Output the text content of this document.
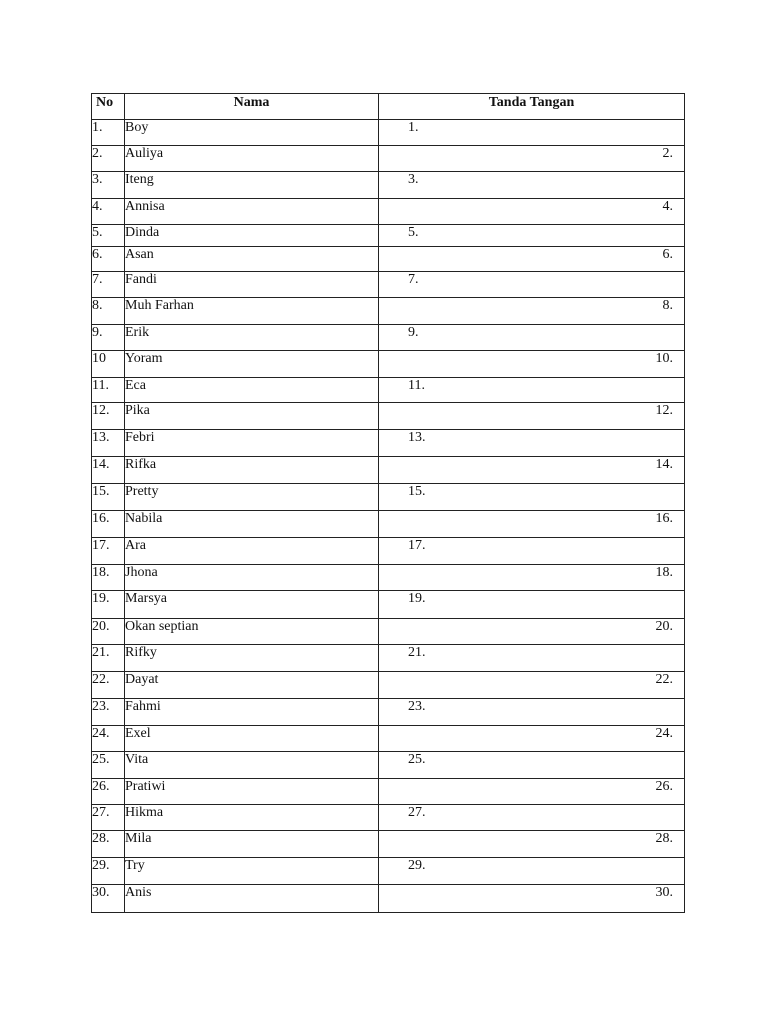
No	Nama	Tanda Tangan
1.	Boy	1.
2.	Auliya	2.
3.	Iteng	3.
4.	Annisa	4.
5.	Dinda	5.
6.	Asan	6.
7.	Fandi	7.
8.	Muh Farhan	8.
9.	Erik	9.
10	Yoram	10.
11.	Eca	11.
12.	Pika	12.
13.	Febri	13.
14.	Rifka	14.
15.	Pretty	15.
16.	Nabila	16.
17.	Ara	17.
18.	Jhona	18.
19.	Marsya	19.
20.	Okan septian	20.
21.	Rifky	21.
22.	Dayat	22.
23.	Fahmi	23.
24.	Exel	24.
25.	Vita	25.
26.	Pratiwi	26.
27.	Hikma	27.
28.	Mila	28.
29.	Try	29.
30.	Anis	30.
